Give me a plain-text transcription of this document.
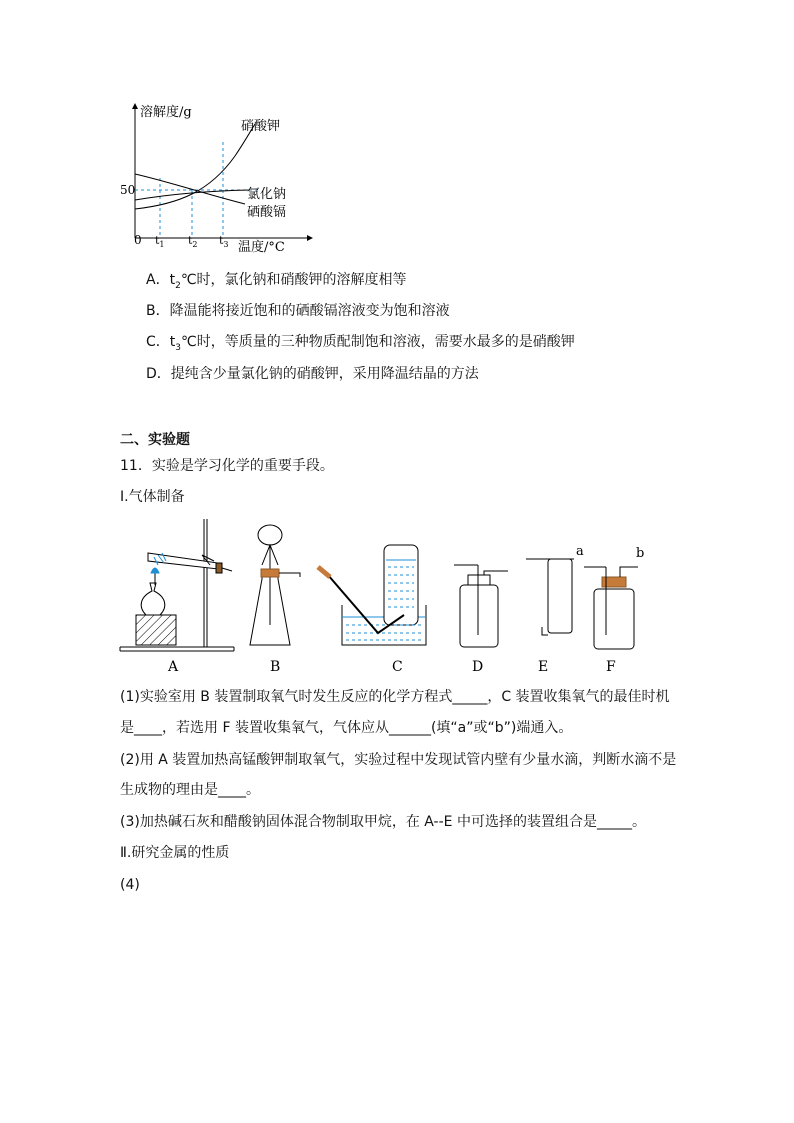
溶解度/g
温度/°C
0
50
硝酸钾
氯化钠
硒酸镉
$t_1$ $t_2$ $t_3$
A．$t_2℃$时，氯化钠和硝酸钾的溶解度相等
B．降温能将接近饱和的硒酸镉溶液变为饱和溶液
C．$t_3℃$时，等质量的三种物质配制饱和溶液，需要水最多的是硝酸钾
D．提纯含少量氯化钠的硝酸钾，采用降温结晶的方法
二、实验题
11．实验是学习化学的重要手段。
Ⅰ.气体制备
a	b
A	B	C	D	E	F
(1)实验室用 B 装置制取氧气时发生反应的化学方程式_____，C 装置收集氧气的最佳时机
是____，若选用 F 装置收集氧气，气体应从______(填“a”或“b”)端通入。
(2)用 A 装置加热高锰酸钾制取氧气，实验过程中发现试管内壁有少量水滴，判断水滴不是
生成物的理由是____。
(3)加热碱石灰和醋酸钠固体混合物制取甲烷，在 A--E 中可选择的装置组合是_____。
Ⅱ.研究金属的性质
(4)
